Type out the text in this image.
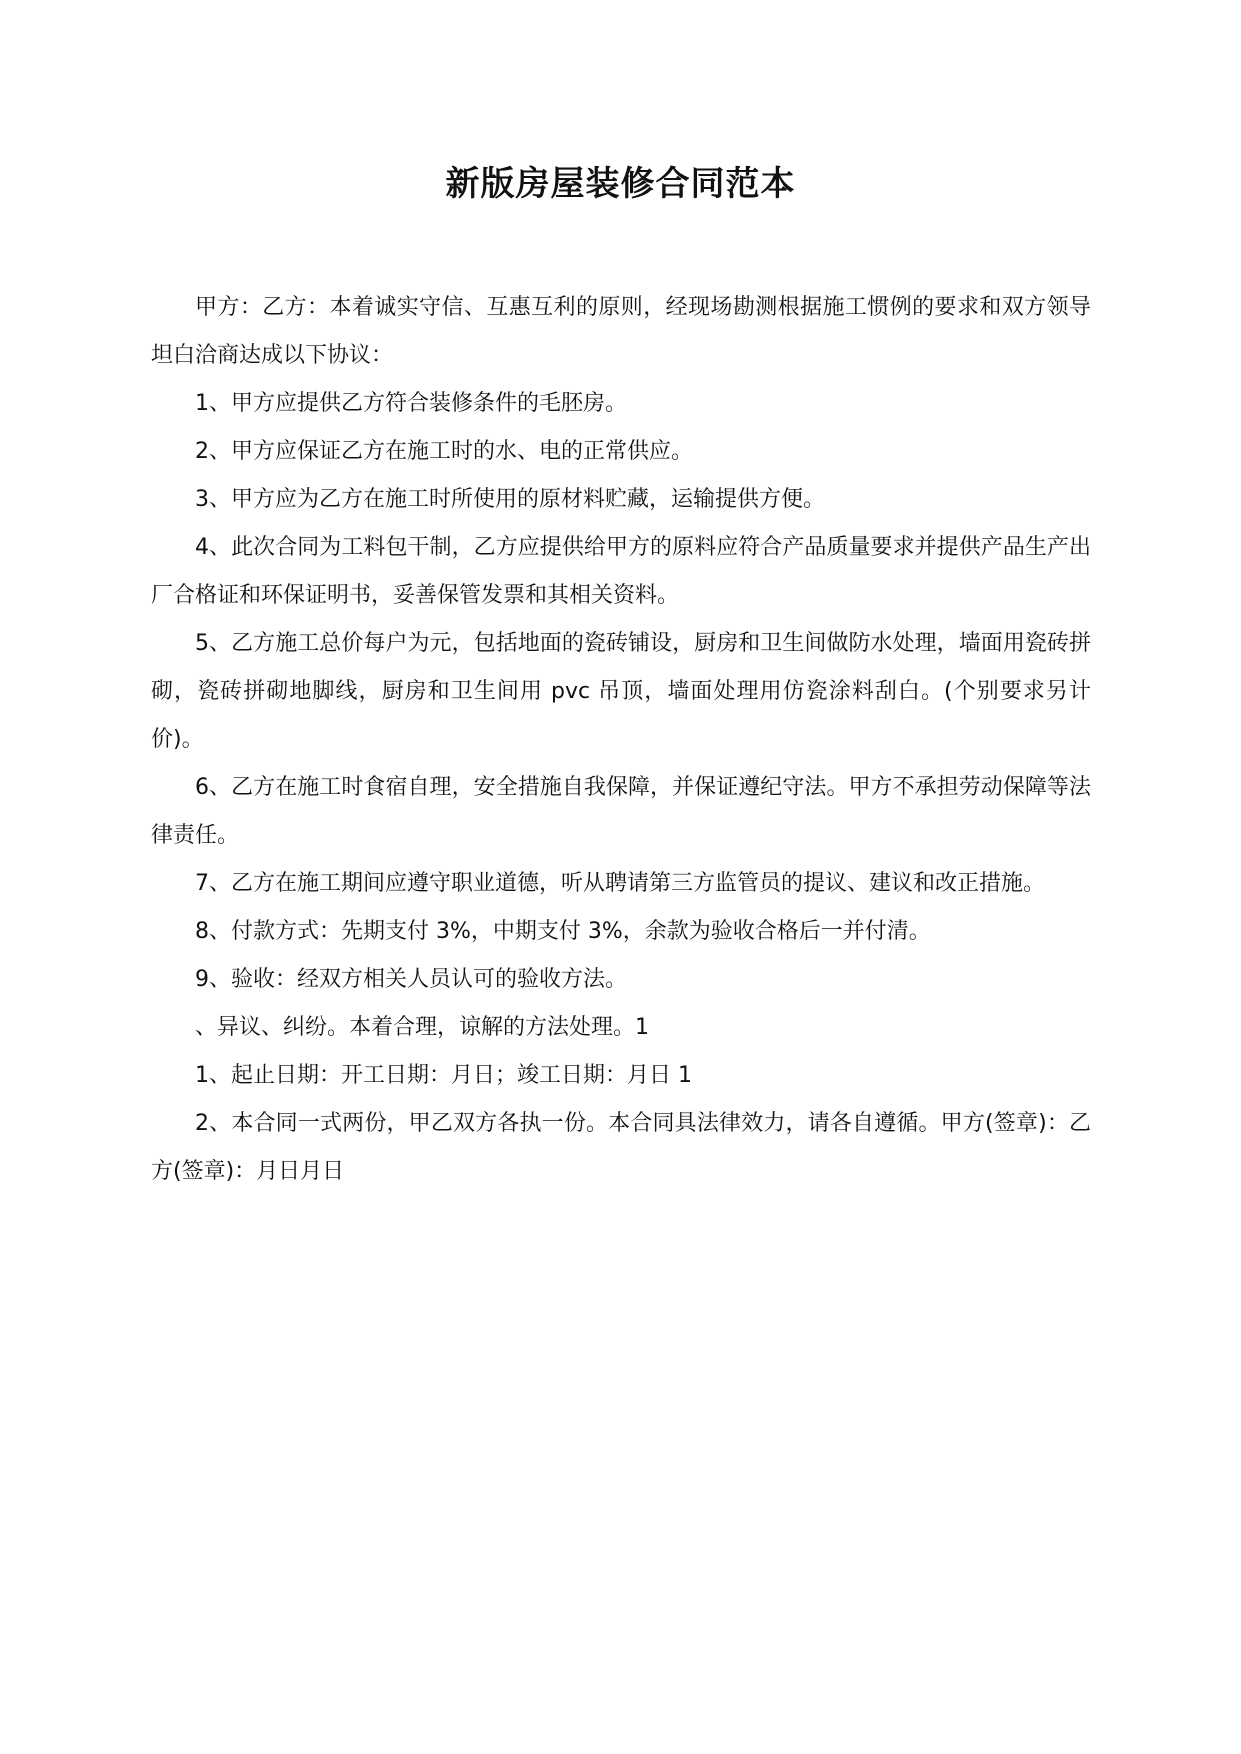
新版房屋装修合同范本

甲方：乙方：本着诚实守信、互惠互利的原则，经现场勘测根据施工惯例的要求和双方领导坦白洽商达成以下协议：

1、甲方应提供乙方符合装修条件的毛胚房。

2、甲方应保证乙方在施工时的水、电的正常供应。

3、甲方应为乙方在施工时所使用的原材料贮藏，运输提供方便。

4、此次合同为工料包干制，乙方应提供给甲方的原料应符合产品质量要求并提供产品生产出厂合格证和环保证明书，妥善保管发票和其相关资料。

5、乙方施工总价每户为元，包括地面的瓷砖铺设，厨房和卫生间做防水处理，墙面用瓷砖拼砌，瓷砖拼砌地脚线，厨房和卫生间用 pvc 吊顶，墙面处理用仿瓷涂料刮白。(个别要求另计价)。

6、乙方在施工时食宿自理，安全措施自我保障，并保证遵纪守法。甲方不承担劳动保障等法律责任。

7、乙方在施工期间应遵守职业道德，听从聘请第三方监管员的提议、建议和改正措施。

8、付款方式：先期支付 3%，中期支付 3%，余款为验收合格后一并付清。

9、验收：经双方相关人员认可的验收方法。

、异议、纠纷。本着合理，谅解的方法处理。1

1、起止日期：开工日期：月日；竣工日期：月日 1

2、本合同一式两份，甲乙双方各执一份。本合同具法律效力，请各自遵循。甲方(签章)：乙方(签章)：月日月日
